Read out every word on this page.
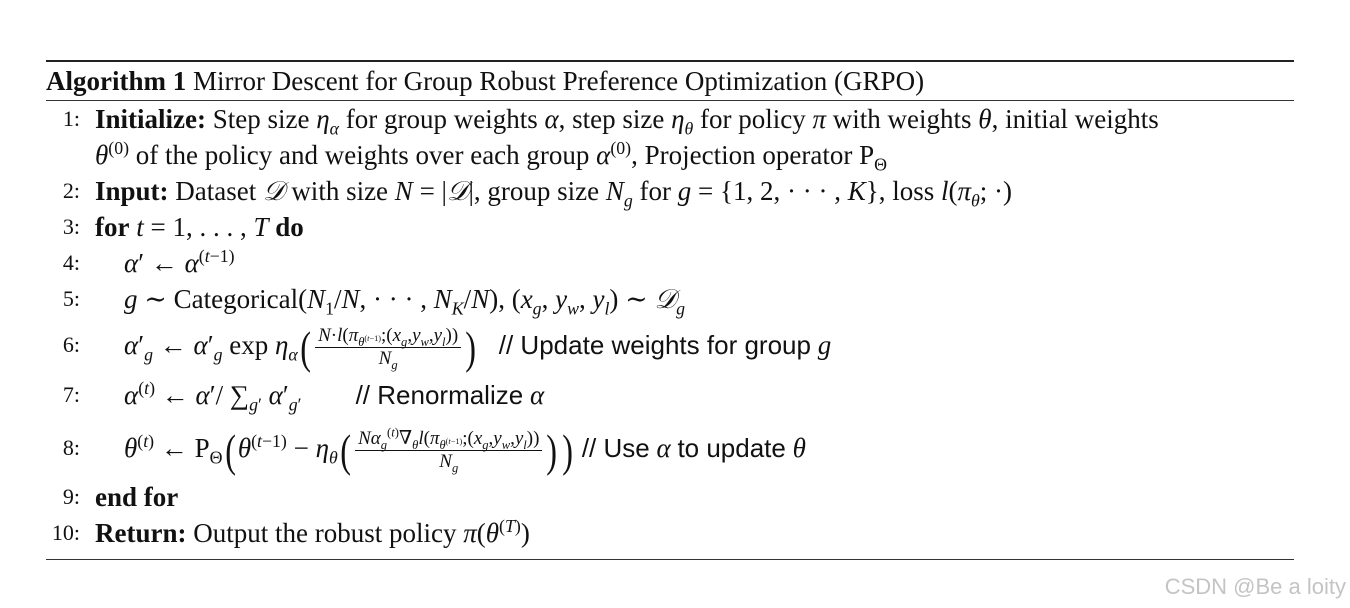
Algorithm 1 Mirror Descent for Group Robust Preference Optimization (GRPO)
1: Initialize: Step size $\eta_\alpha$ for group weights α, step size $\eta_\theta$ for policy π with weights θ, initial weights
$\theta^{(0)}$ of the policy and weights over each group $\alpha^{(0)}$, Projection operator $P_\Theta$
2: Input: Dataset 𝒟 with size N = |𝒟|, group size $N_g$ for g = {1, 2, · · · , K}, loss $l(\pi_\theta$; ·)
3: for t = 1, . . . , T do
4: α′ ← $\alpha^{(t-1)}$
5: g ∼ $Categorical(N_1/N$, · · · , $N_K/N$), ($x_g$, $y_w$, $y_l$) ∼ 𝒟$_g$
6: $\alpha'_g$ ← $\alpha'_g$ $\exp \eta_\alpha( \frac{N\cdot l(\pi_{\theta^{(t-1)}};(x_g,y_w,y_l))}{N_g}$ ) // Update weights for group g
7: $\alpha^{(t)}$ ← α′/ $\sum_{g'}$ $\alpha'_{g'}$ // Renormalize α
8: $\theta^{(t)}$ ← $P_\Theta(\theta^{(t-1)} - \eta_\theta( \frac{N\alpha_g^{(t)}\nabla_\theta l(\pi_{\theta^{(t-1)}};(x_g,y_w,y_l))}{N_g}$ )) // Use α to update θ
9: end for
10: Return: Output the robust policy $\pi(\theta^{(T)})$
CSDN @Be a loity
